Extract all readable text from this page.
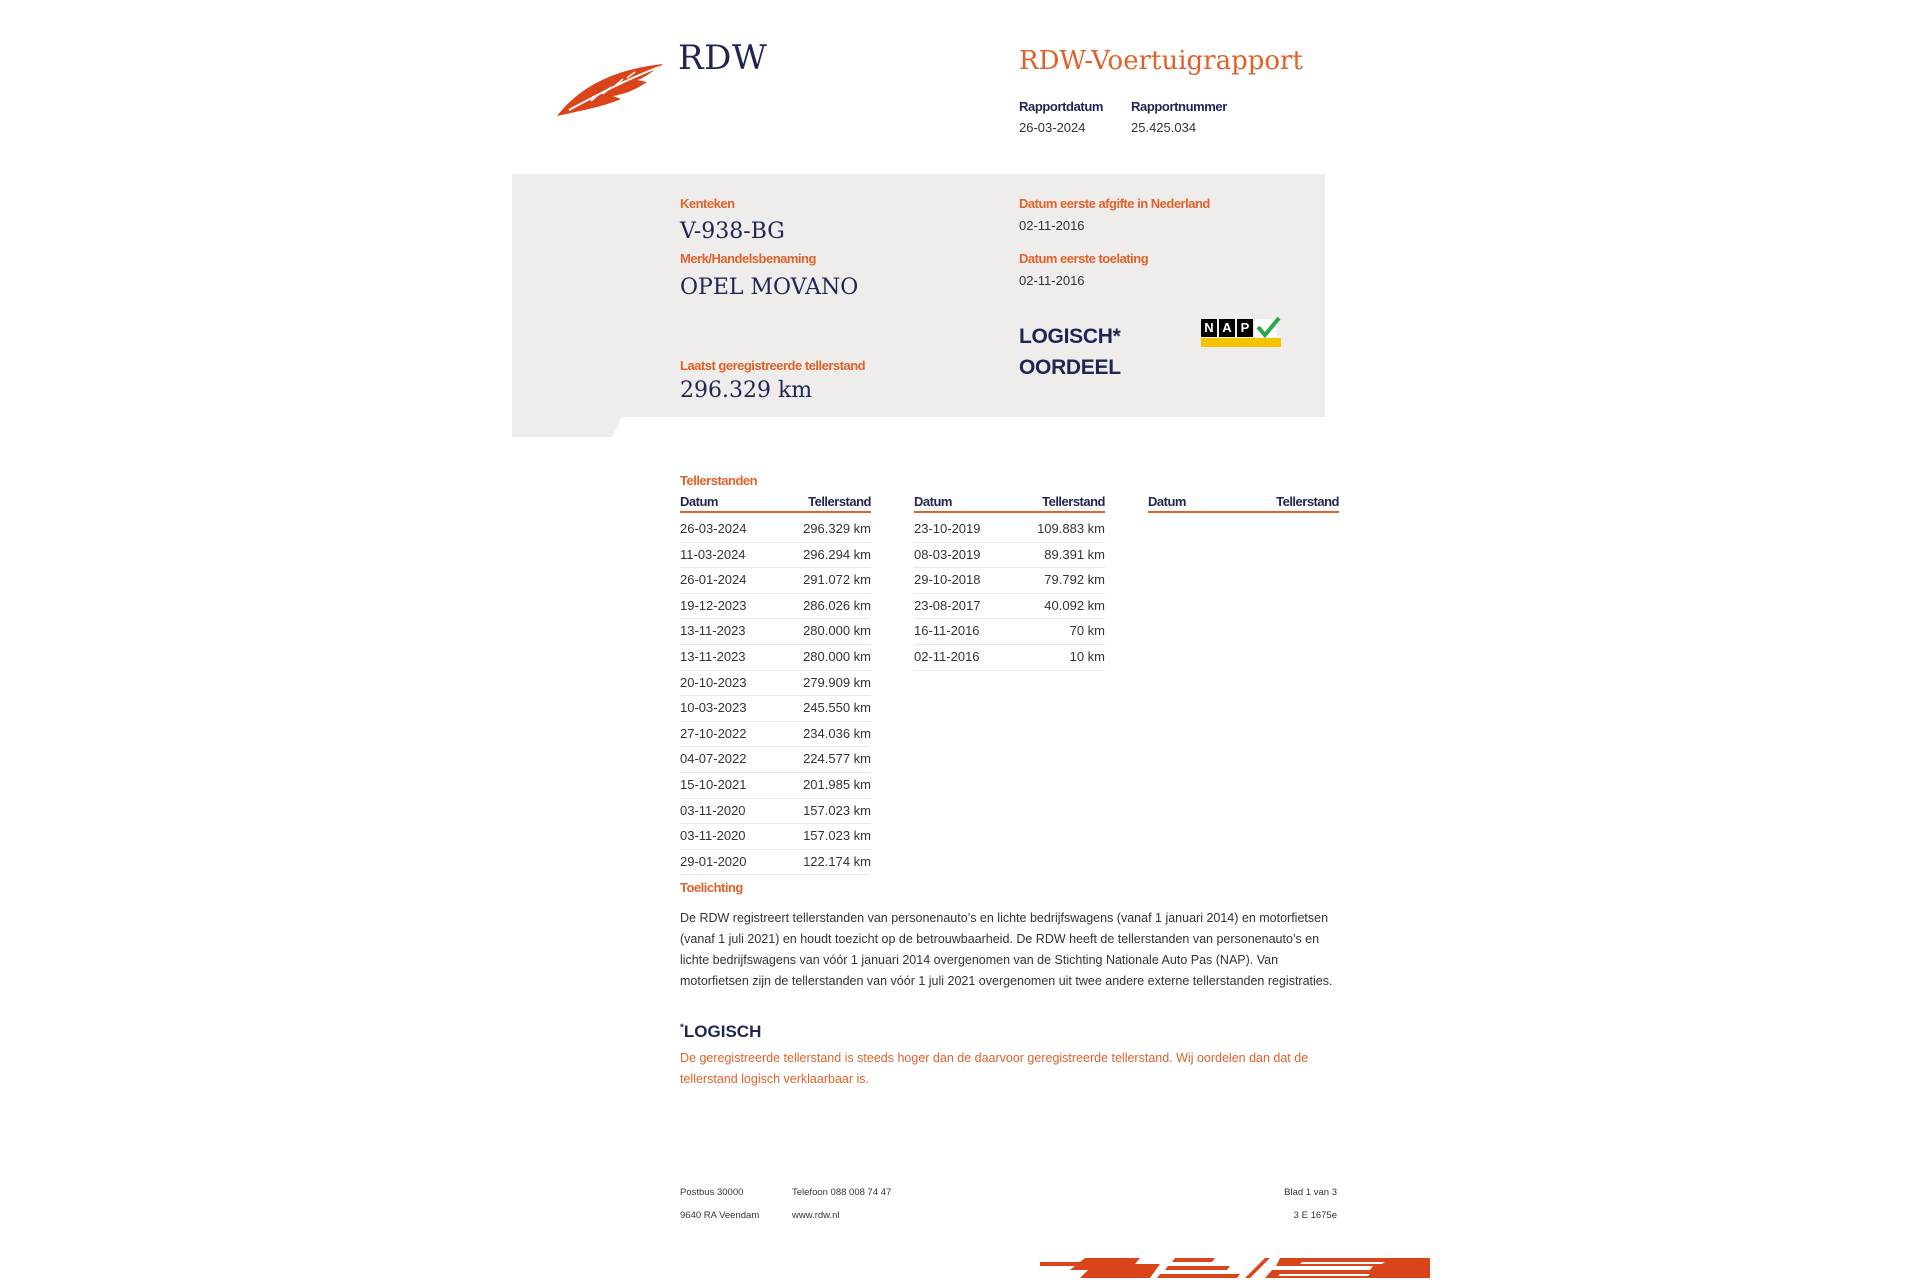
RDW	RDW-Voertuigrapport
Rapportdatum
26-03-2024
Rapportnummer
25.425.034
Kenteken
V-938-BG
Merk/Handelsbenaming
OPEL MOVANO
Laatst geregistreerde tellerstand
296.329 km
Datum eerste afgifte in Nederland
02-11-2016
Datum eerste toelating
02-11-2016
LOGISCH*
OORDEEL
N A P
Tellerstanden
Datum	Tellerstand
26-03-2024	296.329 km
11-03-2024	296.294 km
26-01-2024	291.072 km
19-12-2023	286.026 km
13-11-2023	280.000 km
13-11-2023	280.000 km
20-10-2023	279.909 km
10-03-2023	245.550 km
27-10-2022	234.036 km
04-07-2022	224.577 km
15-10-2021	201.985 km
03-11-2020	157.023 km
03-11-2020	157.023 km
29-01-2020	122.174 km
Datum	Tellerstand
23-10-2019	109.883 km
08-03-2019	89.391 km
29-10-2018	79.792 km
23-08-2017	40.092 km
16-11-2016	70 km
02-11-2016	10 km
Datum	Tellerstand
Toelichting
De RDW registreert tellerstanden van personenauto’s en lichte bedrijfswagens (vanaf 1 januari 2014) en motorfietsen (vanaf 1 juli 2021) en houdt toezicht op de betrouwbaarheid. De RDW heeft de tellerstanden van personenauto’s en lichte bedrijfswagens van vóór 1 januari 2014 overgenomen van de Stichting Nationale Auto Pas (NAP). Van motorfietsen zijn de tellerstanden van vóór 1 juli 2021 overgenomen uit twee andere externe tellerstanden registraties.
*LOGISCH
De geregistreerde tellerstand is steeds hoger dan de daarvoor geregistreerde tellerstand. Wij oordelen dan dat de tellerstand logisch verklaarbaar is.
Postbus 30000
9640 RA Veendam
Telefoon 088 008 74 47
www.rdw.nl
Blad 1 van 3
3 E 1675e
